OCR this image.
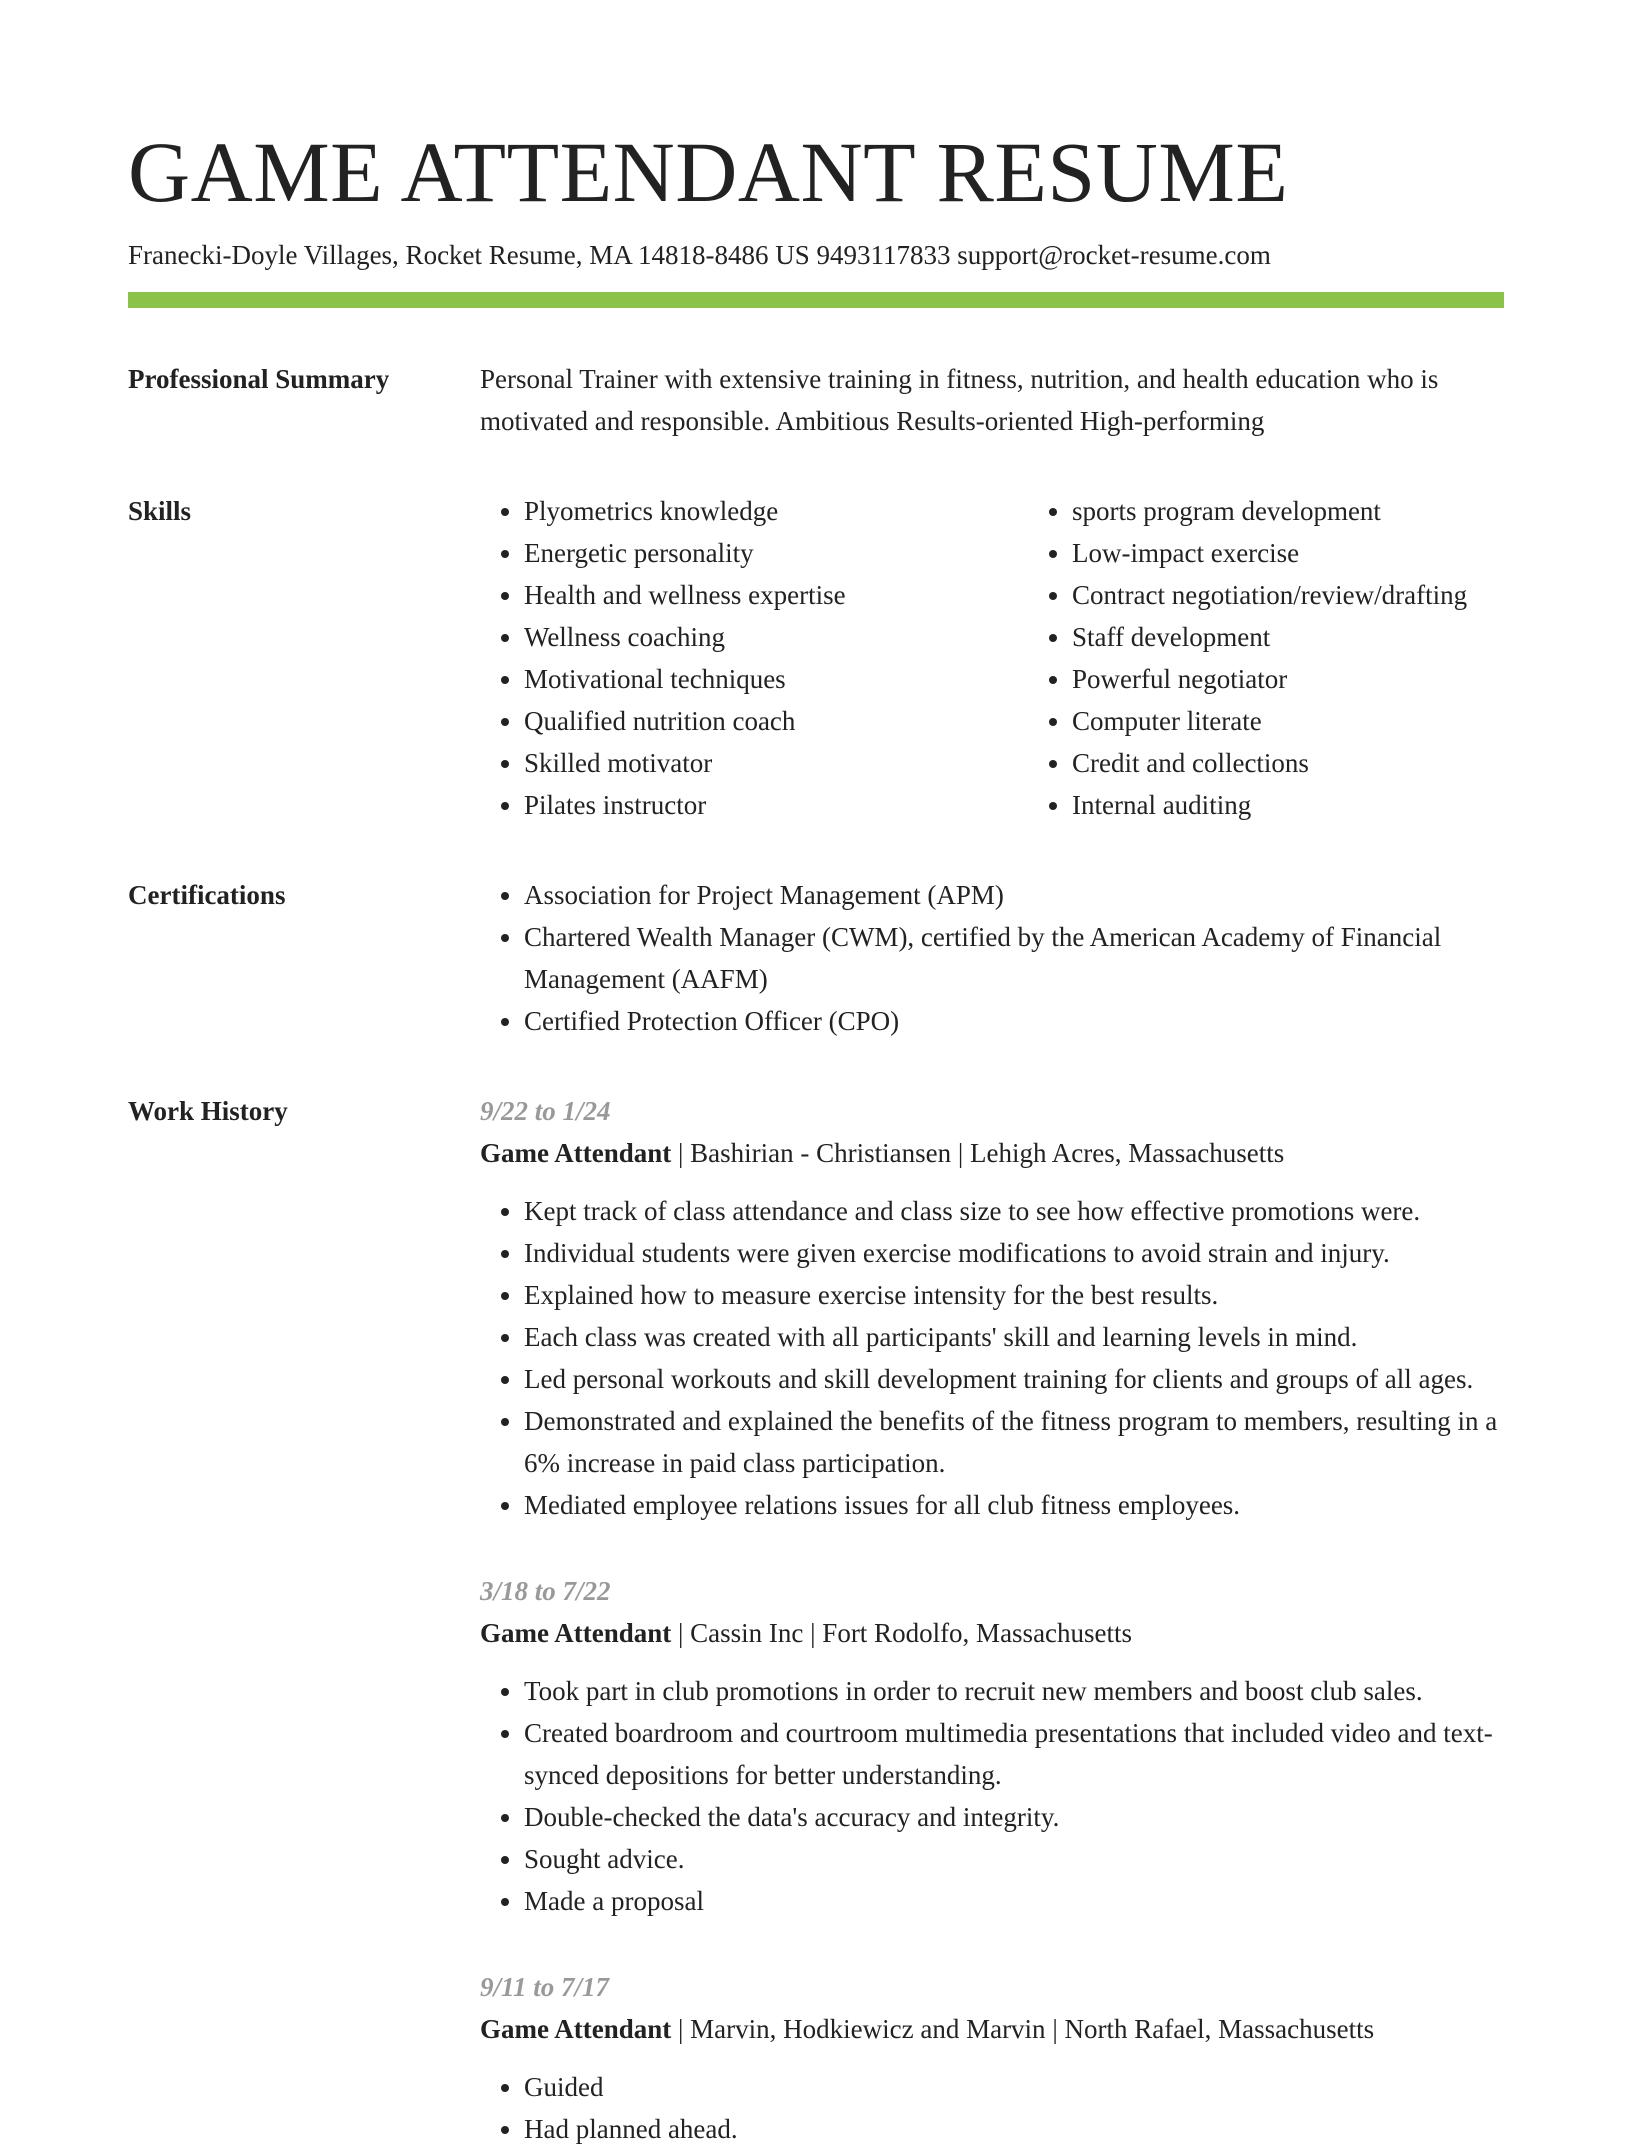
GAME ATTENDANT RESUME
Franecki-Doyle Villages, Rocket Resume, MA 14818-8486 US 9493117833 support@rocket-resume.com
Professional Summary	Personal Trainer with extensive training in fitness, nutrition, and health education who is motivated and responsible. Ambitious Results-oriented High-performing
Skills	• Plyometrics knowledge
• Energetic personality
• Health and wellness expertise
• Wellness coaching
• Motivational techniques
• Qualified nutrition coach
• Skilled motivator
• Pilates instructor
• sports program development
• Low-impact exercise
• Contract negotiation/review/drafting
• Staff development
• Powerful negotiator
• Computer literate
• Credit and collections
• Internal auditing
Certifications	• Association for Project Management (APM)
• Chartered Wealth Manager (CWM), certified by the American Academy of Financial Management (AAFM)
• Certified Protection Officer (CPO)
Work History	9/22 to 1/24
Game Attendant | Bashirian - Christiansen | Lehigh Acres, Massachusetts
• Kept track of class attendance and class size to see how effective promotions were.
• Individual students were given exercise modifications to avoid strain and injury.
• Explained how to measure exercise intensity for the best results.
• Each class was created with all participants' skill and learning levels in mind.
• Led personal workouts and skill development training for clients and groups of all ages.
• Demonstrated and explained the benefits of the fitness program to members, resulting in a 6% increase in paid class participation.
• Mediated employee relations issues for all club fitness employees.
3/18 to 7/22
Game Attendant | Cassin Inc | Fort Rodolfo, Massachusetts
• Took part in club promotions in order to recruit new members and boost club sales.
• Created boardroom and courtroom multimedia presentations that included video and text-synced depositions for better understanding.
• Double-checked the data's accuracy and integrity.
• Sought advice.
• Made a proposal
9/11 to 7/17
Game Attendant | Marvin, Hodkiewicz and Marvin | North Rafael, Massachusetts
• Guided
• Had planned ahead.
